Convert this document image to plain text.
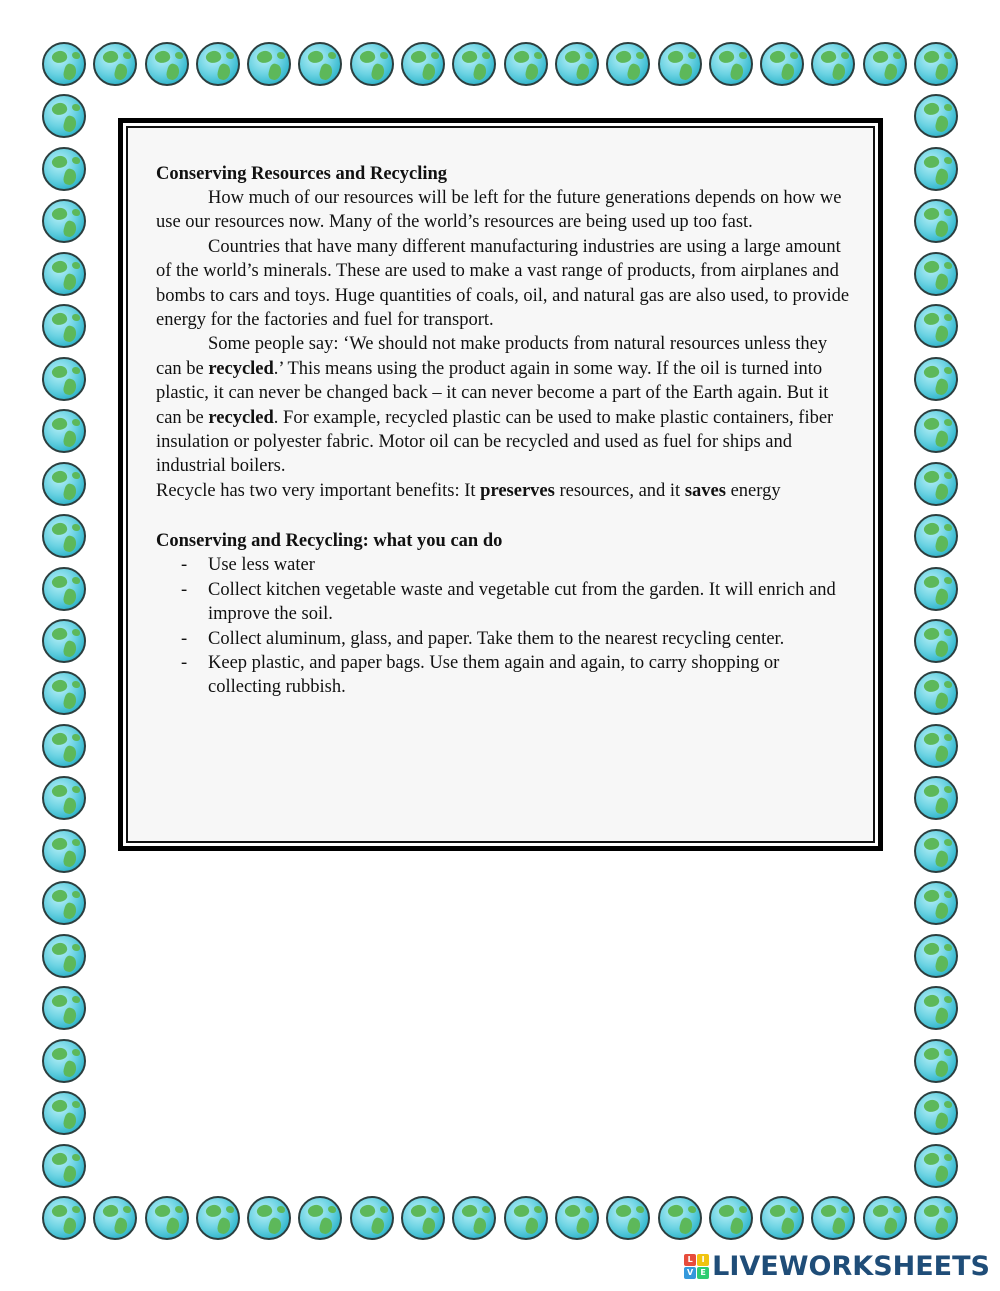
Conserving Resources and Recycling

How much of our resources will be left for the future generations depends on how we use our resources now. Many of the world’s resources are being used up too fast.

Countries that have many different manufacturing industries are using a large amount of the world’s minerals. These are used to make a vast range of products, from airplanes and bombs to cars and toys. Huge quantities of coals, oil, and natural gas are also used, to provide energy for the factories and fuel for transport.

Some people say: ‘We should not make products from natural resources unless they can be recycled.’ This means using the product again in some way. If the oil is turned into plastic, it can never be changed back – it can never become a part of the Earth again. But it can be recycled. For example, recycled plastic can be used to make plastic containers, fiber insulation or polyester fabric. Motor oil can be recycled and used as fuel for ships and industrial boilers.

Recycle has two very important benefits: It preserves resources, and it saves energy

Conserving and Recycling: what you can do
- Use less water
- Collect kitchen vegetable waste and vegetable cut from the garden. It will enrich and improve the soil.
- Collect aluminum, glass, and paper. Take them to the nearest recycling center.
- Keep plastic, and paper bags. Use them again and again, to carry shopping or collecting rubbish.
L	I
V E LIVEWORKSHEETS
